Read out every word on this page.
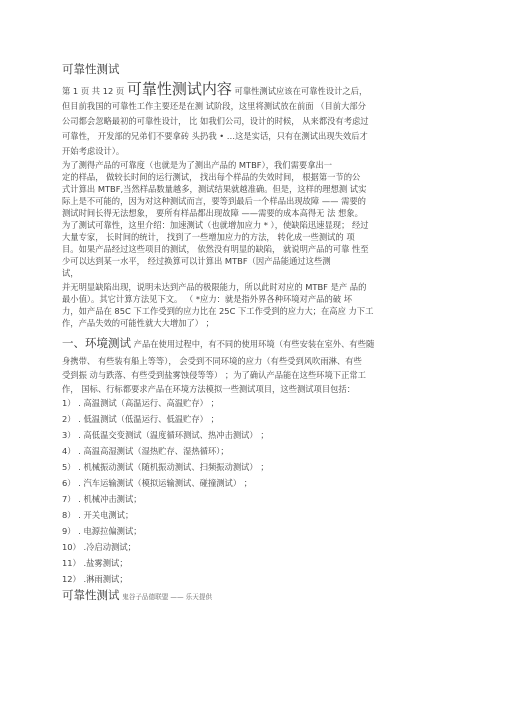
可靠性测试
第 1 页 共 12 页 可靠性测试内容 可靠性测试应该在可靠性设计之后，
但目前我国的可靠性工作主要还是在测 试阶段，这里将测试放在前面 （目前大部分
公司都会忽略最初的可靠性设计， 比 如我们公司，设计的时候， 从来都没有考虑过
可靠性， 开发部的兄弟们不要拿砖 头扔我 • …这是实话，只有在测试出现失效后才
开始考虑设计）。
为了测得产品的可靠度（也就是为了测出产品的 MTBF），我们需要拿出一
定的样品， 做较长时间的运行测试， 找出每个样品的失效时间， 根据第一节的公
式计算出 MTBF,当然样品数量越多，测试结果就越准确。但是，这样的理想测 试实
际上是不可能的，因为对这种测试而言，要等到最后一个样品出现故障 —— 需要的
测试时间长得无法想象， 要所有样品都出现故障 ——需要的成本高得无 法 想象。
为了测试可靠性，这里介绍：加速测试（也就增加应力 * ），使缺陷迅速显现； 经过
大量专家， 长时间的统计， 找到了一些增加应力的方法， 转化成一些测试的 项
目。如果产品经过这些项目的测试， 依然没有明显的缺陷， 就说明产品的可靠 性至
少可以达到某一水平， 经过换算可以计算出 MTBF（因产品能通过这些测
试，
并无明显缺陷出现，说明未达到产品的极限能力，所以此时对应的 MTBF 是产 品的
最小值）。其它计算方法见下文。 （ *应力：就是指外界各种环境对产品的破 坏
力，如产品在 85C 下工作受到的应力比在 25C 下工作受到的应力大；在高应 力下工
作，产品失效的可能性就大大增加了） ；
一、环境测试 产品在使用过程中，有不同的使用环境（有些安装在室外、有些随
身携带、 有些装有船上等等）， 会受到不同环境的应力（有些受到风吹雨淋、有些
受到振 动与跌落、有些受到盐雾蚀侵等等） ；为了确认产品能在这些环境下正常工
作， 国标、行标都要求产品在环境方法模拟一些测试项目，这些测试项目包括：
1） . 高温测试（高温运行、高温贮存） ；
2） . 低温测试（低温运行、低温贮存） ；
3） . 高低温交变测试（温度循环测试、热冲击测试） ；
4） . 高温高湿测试（湿热贮存、湿热循环）；
5） . 机械振动测试（随机振动测试、扫频振动测试） ；
6） . 汽车运输测试（模拟运输测试、碰撞测试） ；
7） . 机械冲击测试；
8） . 开关电测试；
9） . 电源拉偏测试；
10） .冷启动测试；
11） .盐雾测试；
12） .淋雨测试；
可靠性测试 鬼谷子品德联盟 —— 乐天提供
